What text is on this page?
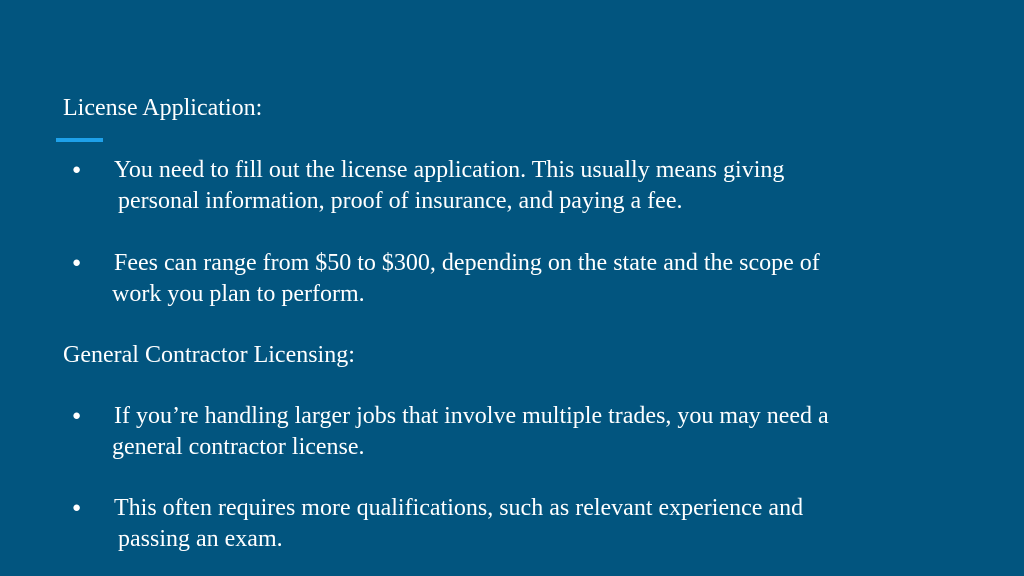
License Application:
●	You need to fill out the license application. This usually means giving
personal information, proof of insurance, and paying a fee.
●	Fees can range from $50 to $300, depending on the state and the scope of
work you plan to perform.
General Contractor Licensing:
●	If you’re handling larger jobs that involve multiple trades, you may need a
general contractor license.
●	This often requires more qualifications, such as relevant experience and
passing an exam.
